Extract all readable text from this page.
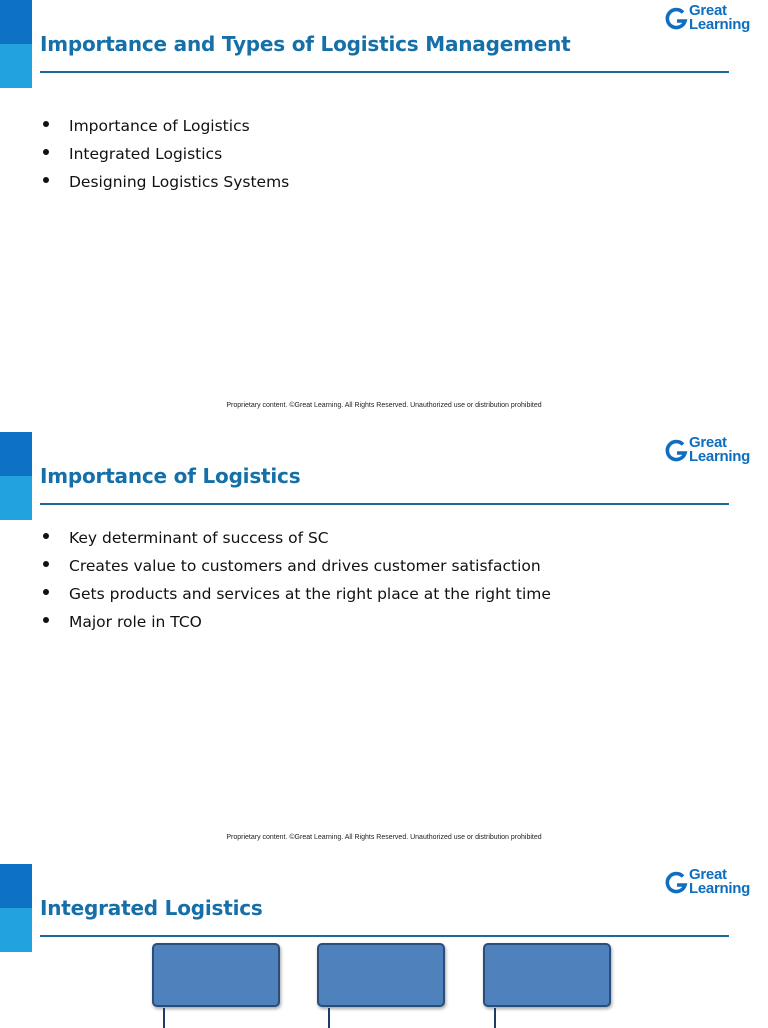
Great
Learning
Importance and Types of Logistics Management
Importance of Logistics
Integrated Logistics
Designing Logistics Systems
Proprietary content. ©Great Learning. All Rights Reserved. Unauthorized use or distribution prohibited
Great
Learning
Importance of Logistics
Key determinant of success of SC
Creates value to customers and drives customer satisfaction
Gets products and services at the right place at the right time
Major role in TCO
Proprietary content. ©Great Learning. All Rights Reserved. Unauthorized use or distribution prohibited
Great
Learning
Integrated Logistics
